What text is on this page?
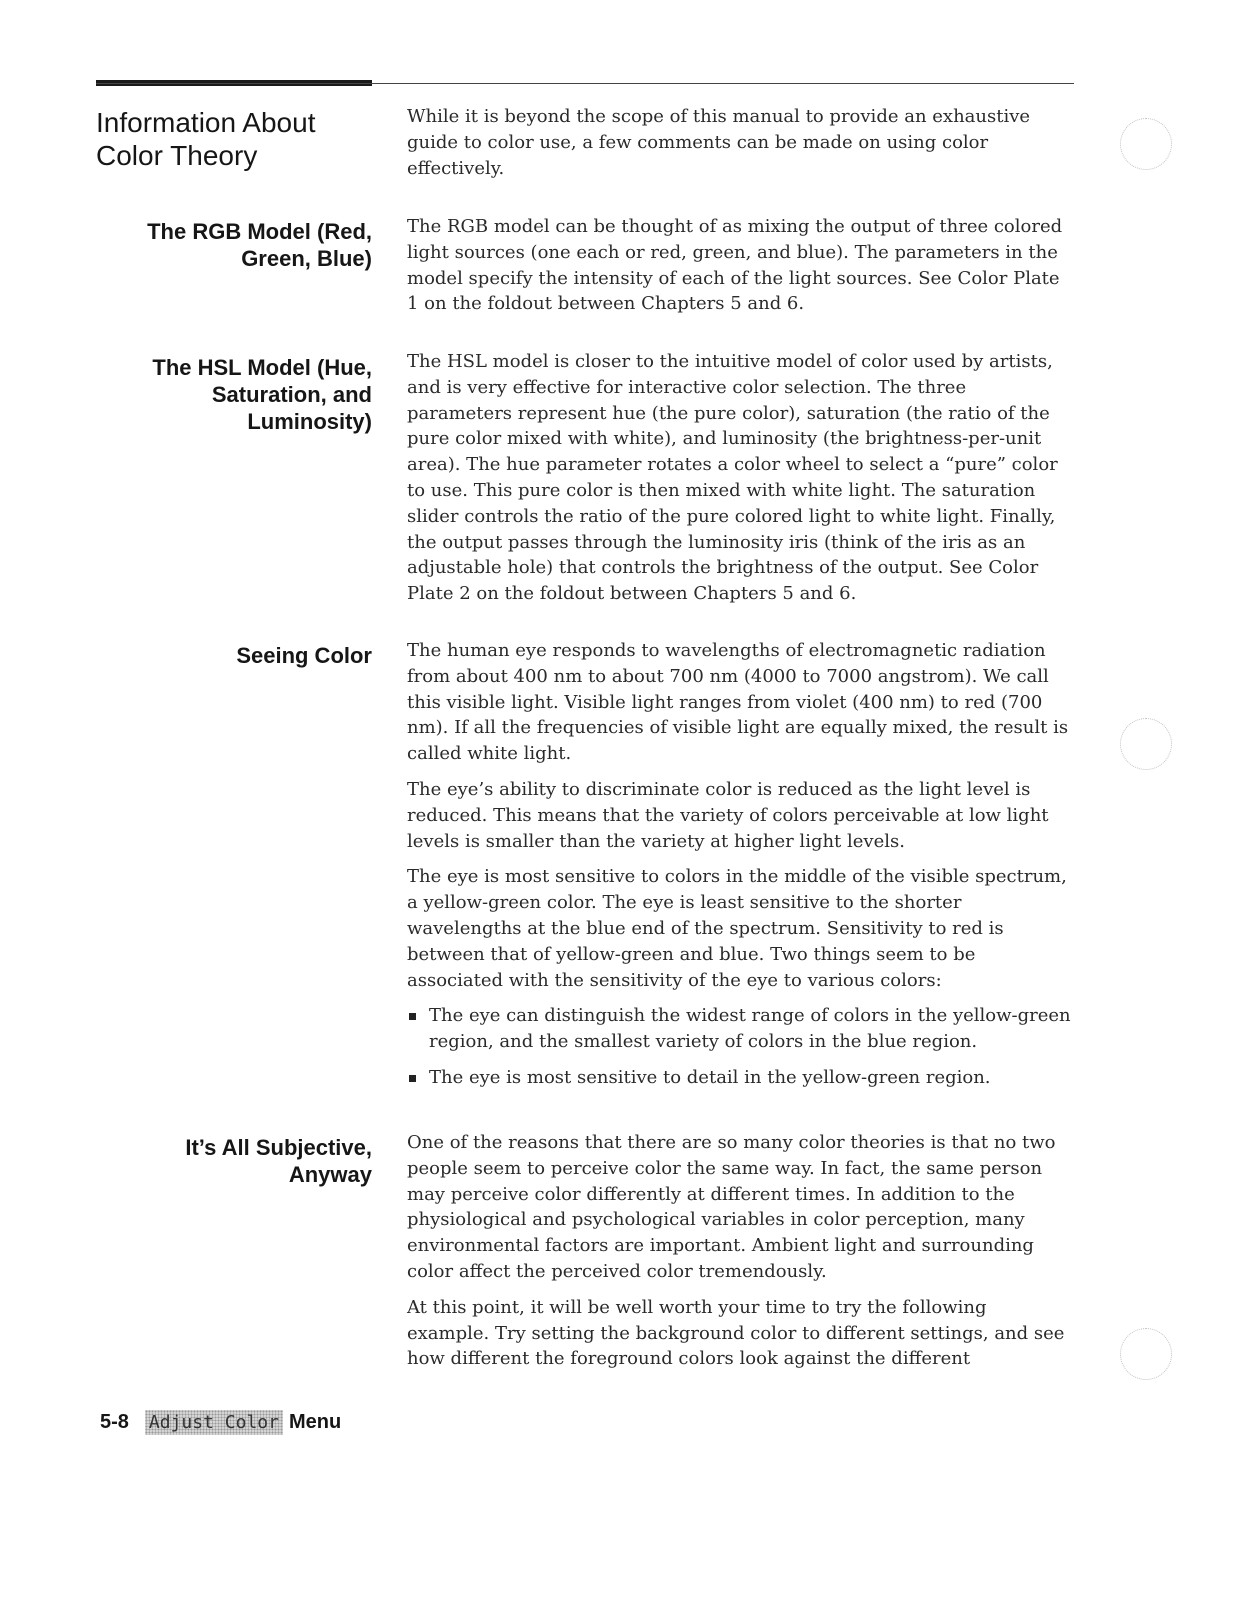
Information About Color Theory

While it is beyond the scope of this manual to provide an exhaustive guide to color use, a few comments can be made on using color effectively.

The RGB Model (Red,
Green, Blue)

The RGB model can be thought of as mixing the output of three colored light sources (one each or red, green, and blue). The parameters in the model specify the intensity of each of the light sources. See Color Plate 1 on the foldout between Chapters 5 and 6.

The HSL Model (Hue,
Saturation, and
Luminosity)

The HSL model is closer to the intuitive model of color used by artists, and is very effective for interactive color selection. The three parameters represent hue (the pure color), saturation (the ratio of the pure color mixed with white), and luminosity (the brightness-per-unit area). The hue parameter rotates a color wheel to select a “pure” color to use. This pure color is then mixed with white light. The saturation slider controls the ratio of the pure colored light to white light. Finally, the output passes through the luminosity iris (think of the iris as an adjustable hole) that controls the brightness of the output. See Color Plate 2 on the foldout between Chapters 5 and 6.

Seeing Color The human eye responds to wavelengths of electromagnetic radiation from about 400 nm to about 700 nm (4000 to 7000 angstrom). We call this visible light. Visible light ranges from violet (400 nm) to red (700 nm). If all the frequencies of visible light are equally mixed, the result is called white light.

The eye’s ability to discriminate color is reduced as the light level is reduced. This means that the variety of colors perceivable at low light levels is smaller than the variety at higher light levels.

The eye is most sensitive to colors in the middle of the visible spectrum, a yellow-green color. The eye is least sensitive to the shorter wavelengths at the blue end of the spectrum. Sensitivity to red is between that of yellow-green and blue. Two things seem to be associated with the sensitivity of the eye to various colors:

The eye can distinguish the widest range of colors in the yellow-green region, and the smallest variety of colors in the blue region.
The eye is most sensitive to detail in the yellow-green region.
It’s All Subjective,
Anyway

One of the reasons that there are so many color theories is that no two people seem to perceive color the same way. In fact, the same person may perceive color differently at different times. In addition to the physiological and psychological variables in color perception, many environmental factors are important. Ambient light and surrounding color affect the perceived color tremendously.

At this point, it will be well worth your time to try the following example. Try setting the background color to different settings, and see how different the foreground colors look against the different

5-8 Adjust Color Menu
